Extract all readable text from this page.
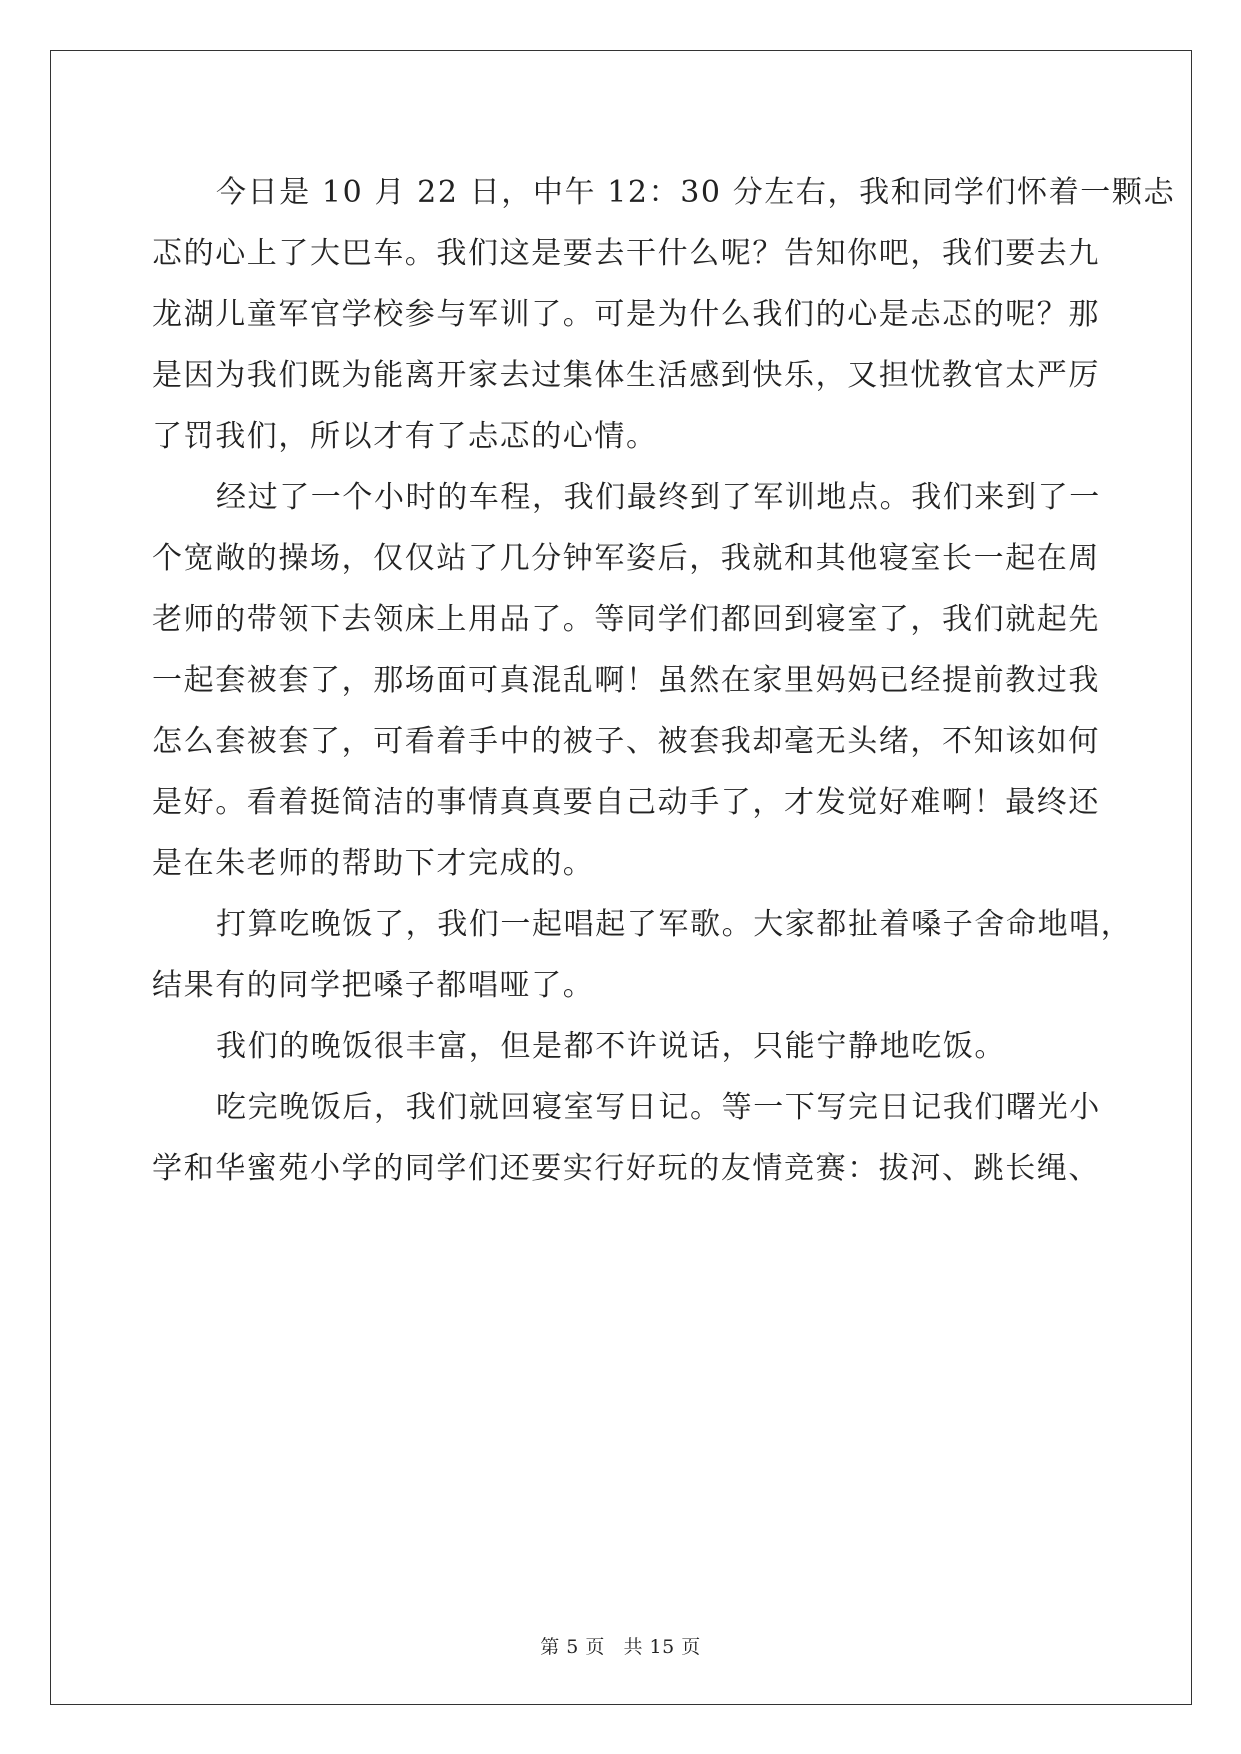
今日是 10 月 22 日，中午 12：30 分左右，我和同学们怀着一颗忐
忑的心上了大巴车。我们这是要去干什么呢？告知你吧，我们要去九
龙湖儿童军官学校参与军训了。可是为什么我们的心是忐忑的呢？那
是因为我们既为能离开家去过集体生活感到快乐，又担忧教官太严厉
了罚我们，所以才有了忐忑的心情。
经过了一个小时的车程，我们最终到了军训地点。我们来到了一
个宽敞的操场，仅仅站了几分钟军姿后，我就和其他寝室长一起在周
老师的带领下去领床上用品了。等同学们都回到寝室了，我们就起先
一起套被套了，那场面可真混乱啊！虽然在家里妈妈已经提前教过我
怎么套被套了，可看着手中的被子、被套我却毫无头绪，不知该如何
是好。看着挺简洁的事情真真要自己动手了，才发觉好难啊！最终还
是在朱老师的帮助下才完成的。
打算吃晚饭了，我们一起唱起了军歌。大家都扯着嗓子舍命地唱，
结果有的同学把嗓子都唱哑了。
我们的晚饭很丰富，但是都不许说话，只能宁静地吃饭。
吃完晚饭后，我们就回寝室写日记。等一下写完日记我们曙光小
学和华蜜苑小学的同学们还要实行好玩的友情竞赛：拔河、跳长绳、
第 5 页 共 15 页
